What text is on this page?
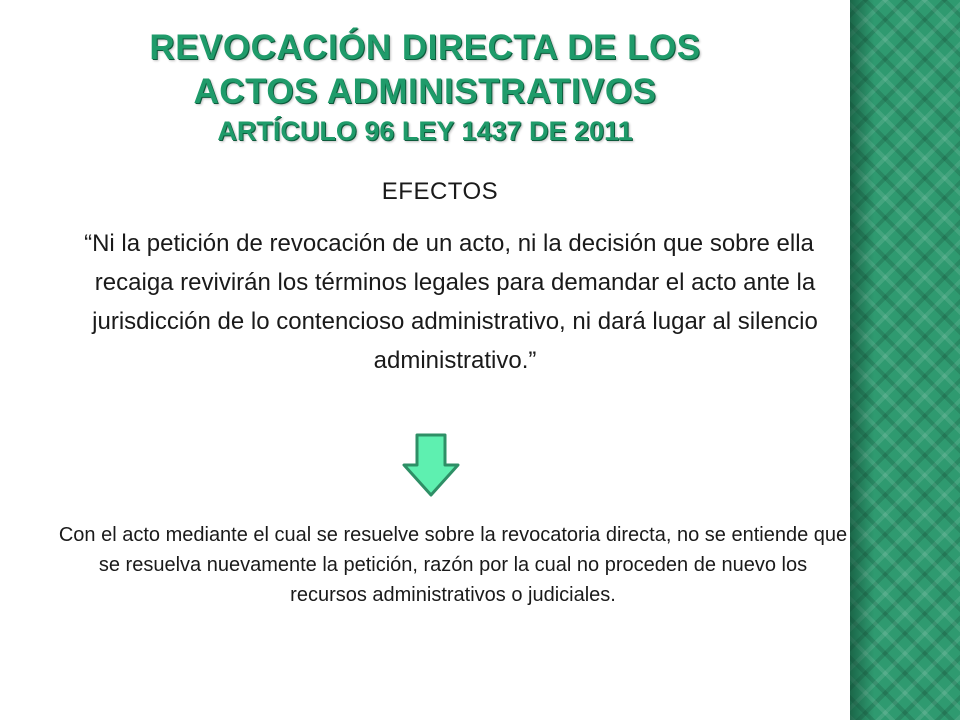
REVOCACIÓN DIRECTA DE LOS
ACTOS ADMINISTRATIVOS
ARTÍCULO 96 LEY 1437 DE 2011
EFECTOS
“Ni la petición de revocación de un acto, ni la decisión que sobre ella recaiga revivirán los términos legales para demandar el acto ante la jurisdicción de lo contencioso administrativo, ni dará lugar al silencio administrativo.”
Con el acto mediante el cual se resuelve sobre la revocatoria directa, no se entiende que se resuelva nuevamente la petición, razón por la cual no proceden de nuevo los recursos administrativos o judiciales.
